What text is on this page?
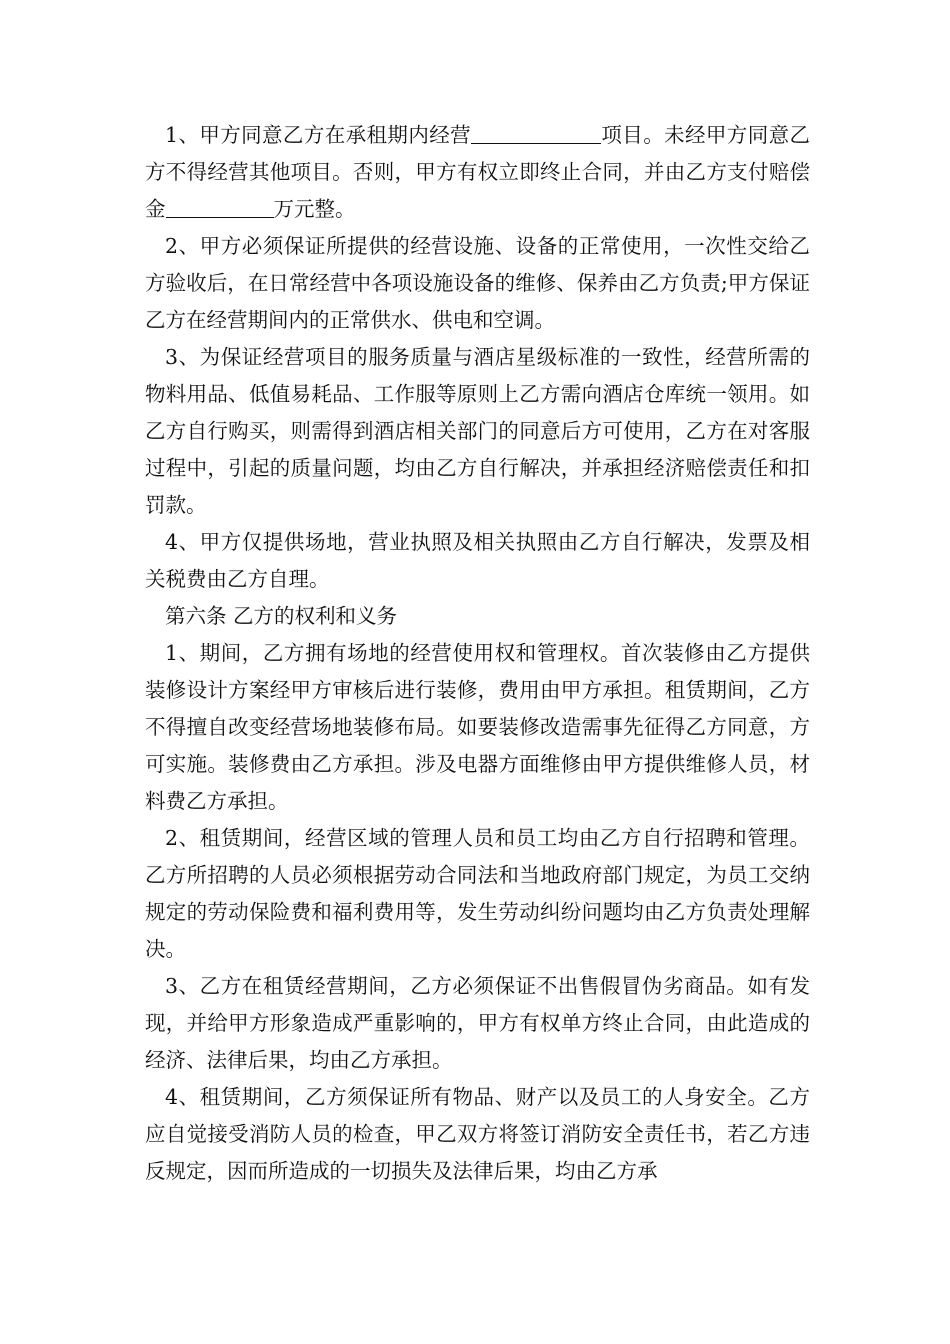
1、甲方同意乙方在承租期内经营	项目。未经甲方同意乙方不得经营其他项目。否则，甲方有权立即终止合同，并由乙方支付赔偿金	万元整。

2、甲方必须保证所提供的经营设施、设备的正常使用，一次性交给乙方验收后，在日常经营中各项设施设备的维修、保养由乙方负责;甲方保证乙方在经营期间内的正常供水、供电和空调。

3、为保证经营项目的服务质量与酒店星级标准的一致性，经营所需的物料用品、低值易耗品、工作服等原则上乙方需向酒店仓库统一领用。如乙方自行购买，则需得到酒店相关部门的同意后方可使用，乙方在对客服过程中，引起的质量问题，均由乙方自行解决，并承担经济赔偿责任和扣罚款。

4、甲方仅提供场地，营业执照及相关执照由乙方自行解决，发票及相关税费由乙方自理。

第六条 乙方的权利和义务

1、期间，乙方拥有场地的经营使用权和管理权。首次装修由乙方提供装修设计方案经甲方审核后进行装修，费用由甲方承担。租赁期间，乙方不得擅自改变经营场地装修布局。如要装修改造需事先征得乙方同意，方可实施。装修费由乙方承担。涉及电器方面维修由甲方提供维修人员，材料费乙方承担。

2、租赁期间，经营区域的管理人员和员工均由乙方自行招聘和管理。乙方所招聘的人员必须根据劳动合同法和当地政府部门规定，为员工交纳规定的劳动保险费和福利费用等，发生劳动纠纷问题均由乙方负责处理解决。

3、乙方在租赁经营期间，乙方必须保证不出售假冒伪劣商品。如有发现，并给甲方形象造成严重影响的，甲方有权单方终止合同，由此造成的经济、法律后果，均由乙方承担。

4、租赁期间，乙方须保证所有物品、财产以及员工的人身安全。乙方应自觉接受消防人员的检查，甲乙双方将签订消防安全责任书，若乙方违反规定，因而所造成的一切损失及法律后果，均由乙方承
